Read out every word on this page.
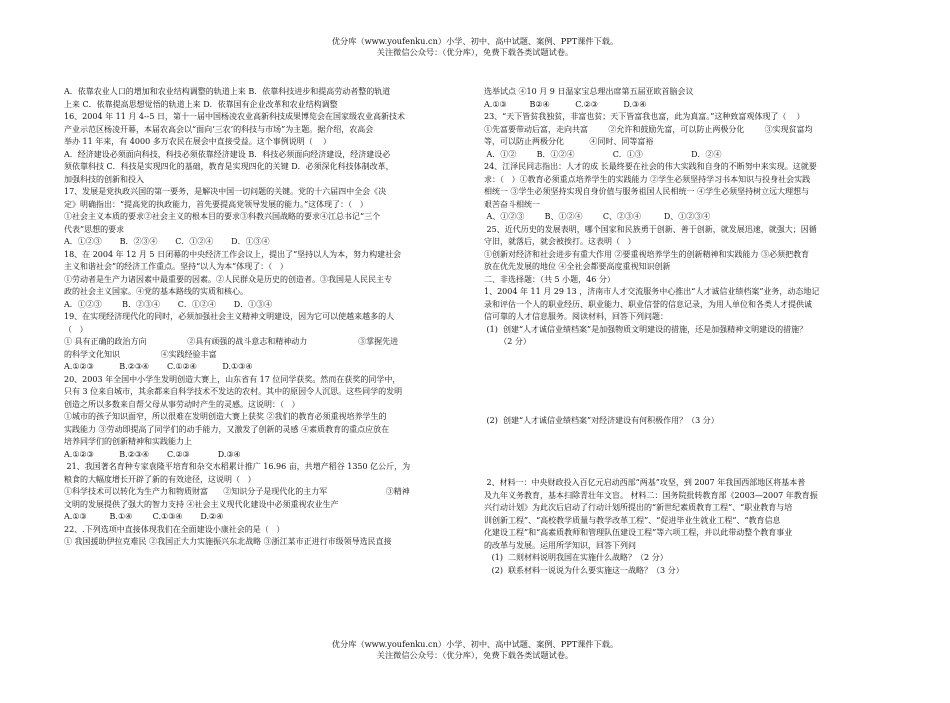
优分库（www.youfenku.cn）小学、初中、高中试题、案例、PPT课件下载。
关注微信公众号：（优分库），免费下载各类试题试卷。

A．依靠农业人口的增加和农业结构调整的轨道上来 B．依靠科技进步和提高劳动者整的轨道

上来 C．依靠提高思想觉悟的轨道上来 D．依靠国有企业改革和农业结构调整

16、2004 年 11 月 4--5 日，第十一届中国杨凌农业高新科技成果博览会在国家级农业高新技术

产业示范区杨凌开幕，本届农高会以“面向‘三农’的科技与市场”为主题。据介绍，农高会

举办 11 年来，有 4000 多万农民在展会中直接受益。这个事例说明（    ）

A．经济建设必须面向科技，科技必须依靠经济建设 B．科技必须面向经济建设，经济建设必

须依靠科技 C．科技是实现四化的基础，教育是实现四化的关键 D．必须深化科技体制改革，

加强科技的创新和投入

17、发展是党执政兴国的第一要务，是解决中国一切问题的关键。党的十六届四中全会《决

定》明确指出：“提高党的执政能力，首先要提高党领导发展的能力。”这体现了：（   ）

①社会主义本质的要求②社会主义的根本目的要求③科教兴国战略的要求④江总书记“三个

代表”思想的要求

A．①②③       B．②③④       C．①②④       D．①③④

18、在 2004 年 12 月 5 日闭幕的中央经济工作会议上，提出了“坚持以人为本，努力构建社会

主义和谐社会”的经济工作重点。坚持“以人为本”体现了：（   ）

①劳动者是生产力诸因素中最重要的因素。②人民群众是历史的创造者。③我国是人民民主专

政的社会主义国家。④党的基本路线的实质和核心。

A．①②③        B．②③④       C．①②④       D．①③④

19、在实现经济现代化的同时，必须加强社会主义精神文明建设，因为它可以使越来越多的人

（   ）

① 具有正确的政治方向                ②具有顽强的战斗意志和精神动力                    ③掌握先进

的科学文化知识                ④实践经验丰富

A.①②③          B.②③④       C.①②④          D.①③④

20、2003 年全国中小学生发明创造大赛上，山东省有 17 位同学获奖。然而在获奖的同学中，

只有 3 位来自城市，其余都来自科学技术不发达的农村。其中的原因令人沉思。这些同学的发明

创造之所以多数来自帮父母从事劳动时产生的灵感。这说明：（   ）

①城市的孩子知识面窄，所以很难在发明创造大赛上获奖 ②我们的教育必须重视培养学生的

实践能力 ③劳动即提高了同学们的动手能力，又激发了创新的灵感 ④素质教育的重点应放在

培养同学们的创新精神和实践能力上

A.①②③          B.②③④       C.②③           D.③④

21、我国著名育种专家袁隆平培育和杂交水稻累计推广 16.96 亩，共增产稻谷 1350 亿公斤，为

粮食的大幅度增长开辟了新的有效途径，这说明（   ）

①科学技术可以转化为生产力和物质财富      ②知识分子是现代化的主力军                       ③精神

文明的发展提供了强大的智力支持 ④社会主义现代化建设中必须重视农业生产

A.①③         B.①④        C.①③④       D.②④

22、.下列选项中直接体现我们在全面建设小康社会的是（   ）

① 我国援助伊拉克难民 ②我国正大力实施振兴东北战略 ③浙江某市正进行市级领导选民直接

选举试点 ④10 月 9 日温家宝总理出席第五届亚欧首脑会议

A.①③         B②④          C.②③          D.③④

23、“天下皆贫我独贫，非富也贫；天下皆富我也富，此为真富。”这种致富观体现了（    ）

①先富要带动后富，走向共富        ②允许和鼓励先富，可以防止两极分化        ③实现贫富均

等，可以防止两极分化          ④同时、同等富裕

A．①②        B．①②④               C．①③                   D．②④

24、江泽民同志指出：人才的成 长最终要在社会的伟大实践和自身的不断努中来实现。这就要

求：（   ）①教育必须重点培养学生的实践能力 ②学生必须坚持学习书本知识与投身社会实践

相统一 ③学生必须坚持实现自身价值与服务祖国人民相统一 ④学生必须坚持树立远大理想与

艰苦奋斗相统一

A、①②③        B、①②④        C、②③④         D、①②③④

25、近代历史的发展表明，哪个国家和民族勇于创新、善于创新，就发展迅速，就强大；因循

守旧，就落后，就会被挨打。这表明（   ）

①创新对经济和社会进步有重大作用 ②要重视培养学生的创新精神和实践能力 ③必须把教育

放在优先发展的地位 ④全社会都要高度重视知识创新

二、非选择题：（共 5 小题，46 分）

1、2004 年 11 月 29 13 ，济南市人才交流服务中心推出“人才诚信业绩档案”业务，动态地记

录和评估一个人的职业经历、职业能力、职业信誉的信息记录，为用人单位和各类人才提供诚

信可靠的人才信息服务。阅读材料，回答下列问题：

(1)  创建“人才诚信业绩档案”是加强物质文明建设的措施，还是加强精神文明建设的措施？

（2 分）

(2)  创建“人才诚信业绩档案”对经济建设有何积极作用？（3 分）

2、材料一：中央财政投入百亿元启动西部“两基”攻坚，到 2007 年我国西部地区将基本普

及九年义务教育，基本扫除青壮年文盲。 材料二：国务院批转教育部《2003—2007 年教育振

兴行动计划》为此次后启动了行动计划所提出的“新世纪素质教育工程”、“职业教育与培

训创新工程”、“高校教学质量与教学改革工程”、“促进毕业生就业工程”、“教育信息

化建设工程”和“高素质教师和管理队伍建设工程”等六项工程，并以此带动整个教育事业

的改革与发展。运用所学知识，回答下列问

(1)  二则材料说明我国在实施什么战略？（2 分）

(2)  联系材料一说说为什么要实施这一战略？（3 分）

优分库（www.youfenku.cn）小学、初中、高中试题、案例、PPT课件下载。
关注微信公众号：（优分库），免费下载各类试题试卷。
